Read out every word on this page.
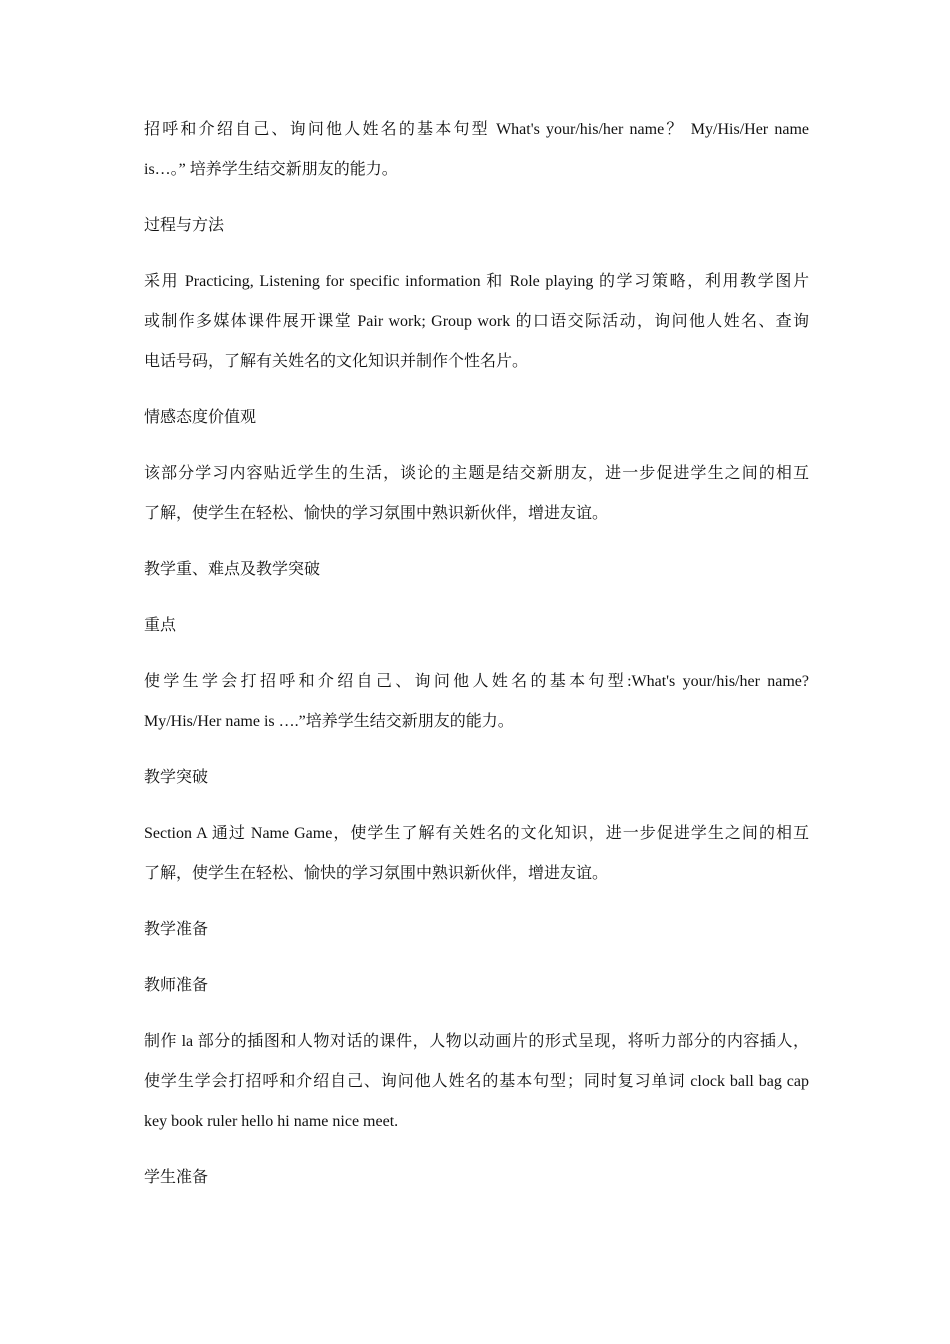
招呼和介绍自己、询问他人姓名的基本句型 What's your/his/her name？ My/His/Her name

is…。” 培养学生结交新朋友的能力。

过程与方法

采用 Practicing, Listening for specific information 和 Role playing 的学习策略，利用教学图片

或制作多媒体课件展开课堂 Pair work; Group work 的口语交际活动，询问他人姓名、查询

电话号码，了解有关姓名的文化知识并制作个性名片。

情感态度价值观

该部分学习内容贴近学生的生活，谈论的主题是结交新朋友，进一步促进学生之间的相互

了解，使学生在轻松、愉快的学习氛围中熟识新伙伴，增进友谊。

教学重、难点及教学突破

重点

使学生学会打招呼和介绍自己、询问他人姓名的基本句型:What's your/his/her name?

My/His/Her name is ….”培养学生结交新朋友的能力。

教学突破

Section A 通过 Name Game，使学生了解有关姓名的文化知识，进一步促进学生之间的相互

了解，使学生在轻松、愉快的学习氛围中熟识新伙伴，增进友谊。

教学准备

教师准备

制作 la 部分的插图和人物对话的课件，人物以动画片的形式呈现，将听力部分的内容插人，

使学生学会打招呼和介绍自己、询问他人姓名的基本句型；同时复习单词 clock ball bag cap

key book ruler hello hi name nice meet.

学生准备
